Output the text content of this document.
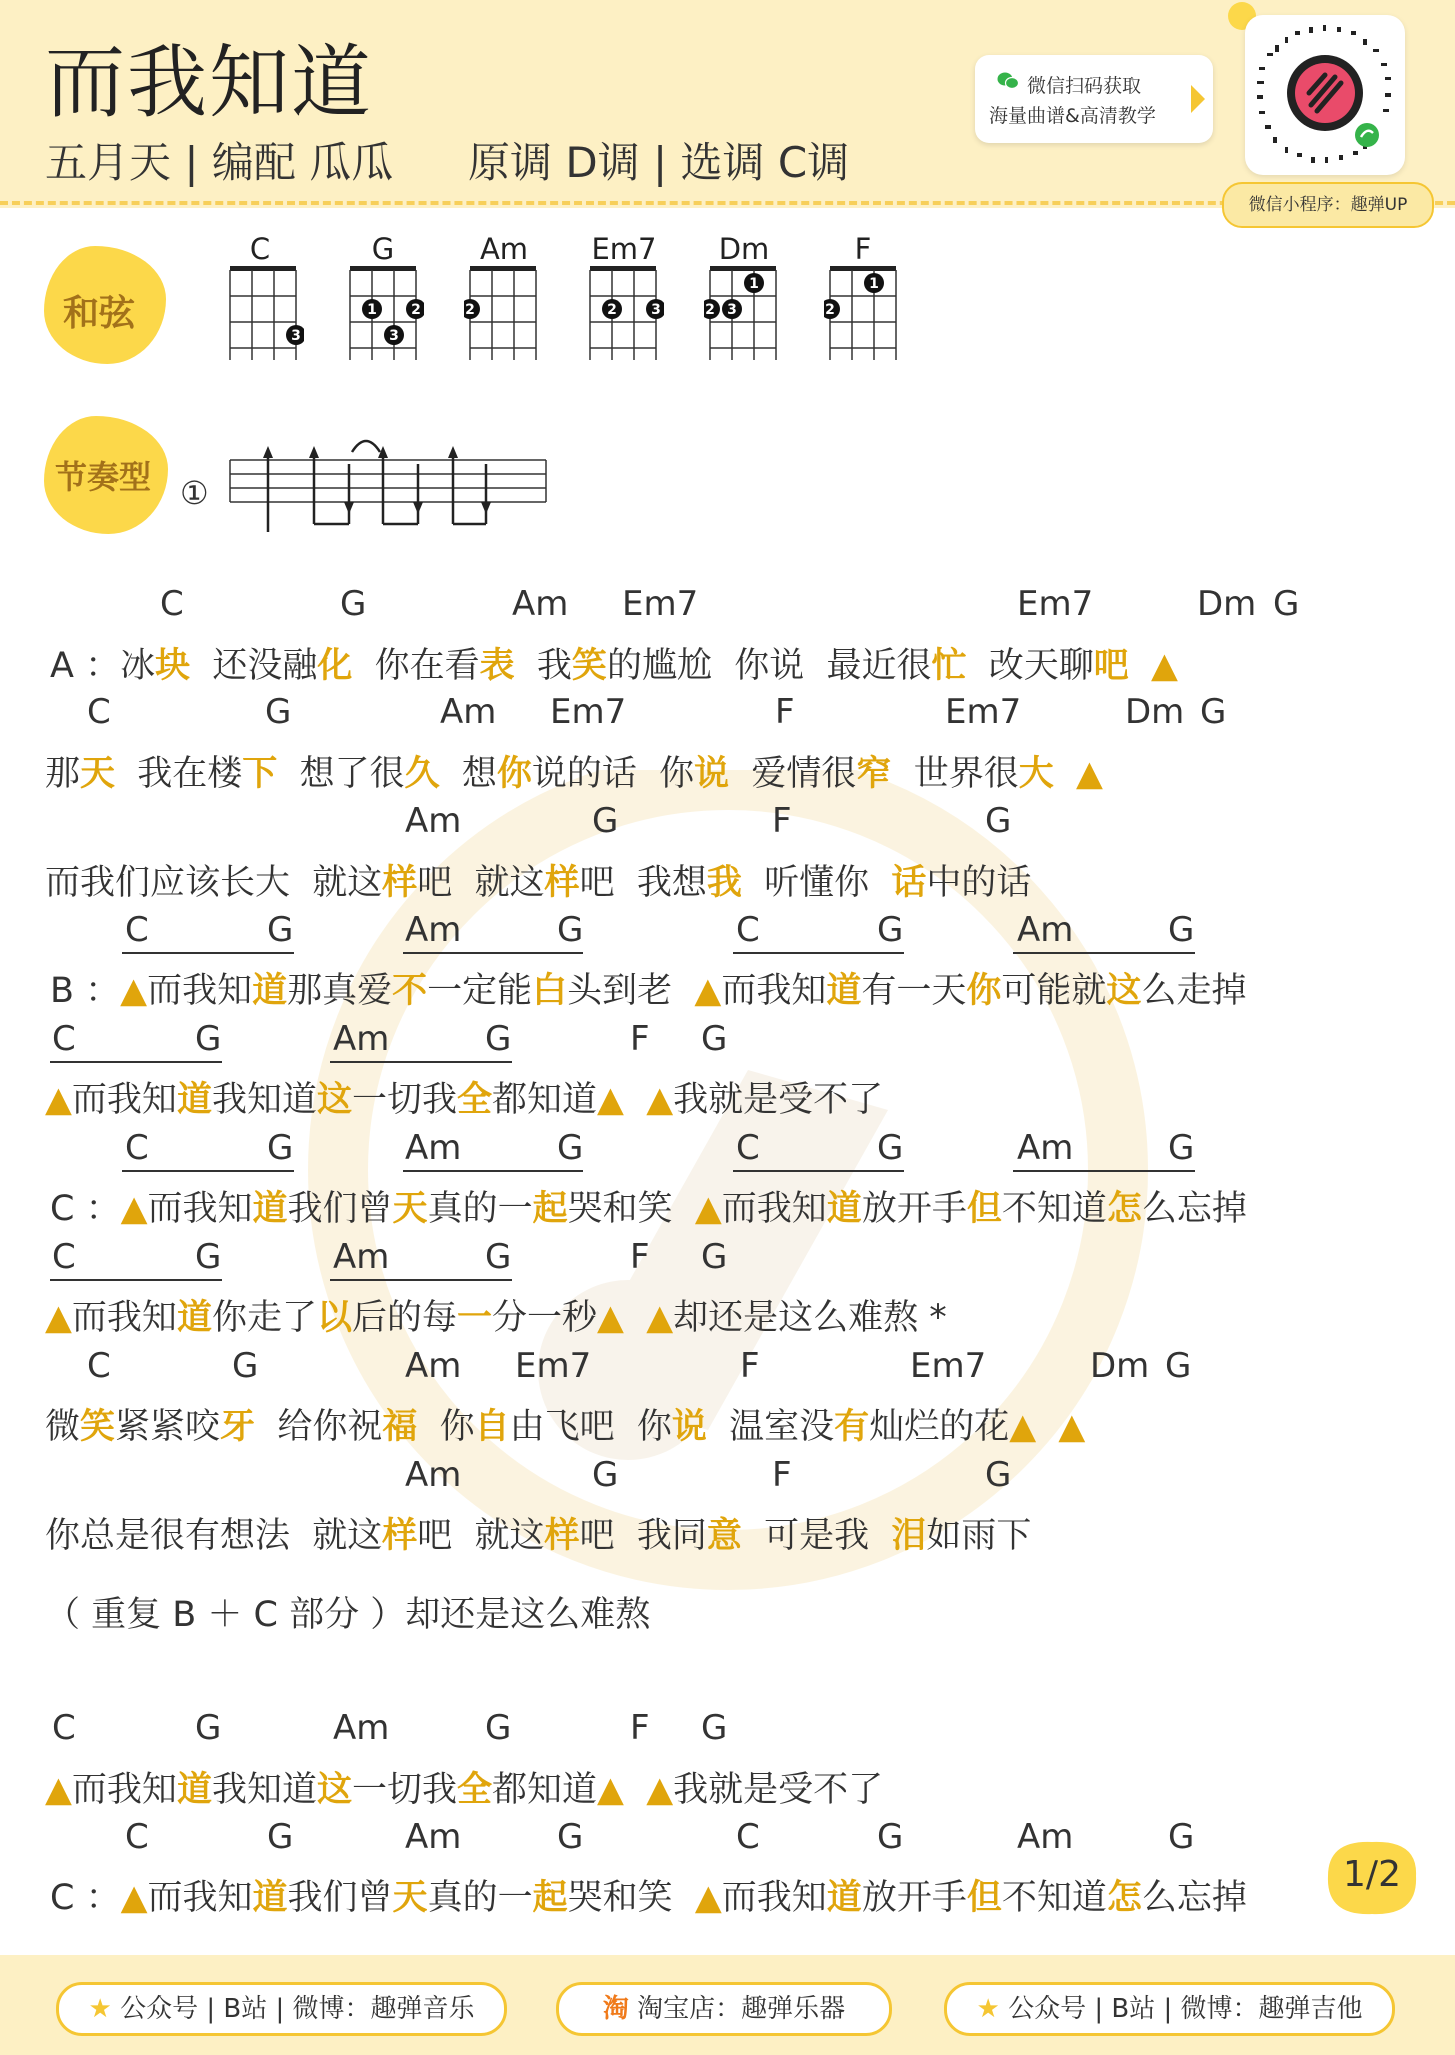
而我知道
五月天 | 编配 瓜瓜 原调 D调 | 选调 C调
微信扫码获取
海量曲谱&高清教学
微信小程序：趣弹UP
和弦
C	G	Am	Em7	Dm	F
3
1 2
3
2	2 3
1
2 3
1
2
节奏型 ①
C	G	Am Em7	Em7	Dm G
A ：冰块  还没融化  你在看表  我笑的尴尬  你说  最近很忙  改天聊吧  ▲
C	G	Am Em7	F	Em7	Dm G
那天  我在楼下  想了很久  想你说的话  你说  爱情很窄  世界很大  ▲
Am	G	F	G
而我们应该长大  就这样吧  就这样吧  我想我  听懂你  话中的话
C	G	Am	G	C	G	Am	G
B ：▲而我知道那真爱不一定能白头到老  ▲而我知道有一天你可能就这么走掉
C	G	Am	G	F G
▲而我知道我知道这一切我全都知道▲ ▲我就是受不了
C	G	Am	G	C	G	Am	G
C ：▲而我知道我们曾天真的一起哭和笑  ▲而我知道放开手但不知道怎么忘掉
C	G	Am	G	F G
▲而我知道你走了以后的每一分一秒▲ ▲却还是这么难熬 *
C	G	Am Em7	F	Em7	Dm G
微笑紧紧咬牙  给你祝福  你自由飞吧  你说  温室没有灿烂的花▲ ▲
Am	G	F	G
你总是很有想法  就这样吧  就这样吧  我同意  可是我  泪如雨下
C	G	Am	G	F G
▲而我知道我知道这一切我全都知道▲ ▲我就是受不了
C	G	Am	G	C	G	Am	G
C ：▲而我知道我们曾天真的一起哭和笑  ▲而我知道放开手但不知道怎么忘掉
（ 重复 B ＋ C 部分 ）却还是这么难熬
1/2
★ 公众号 | B站 | 微博：趣弹音乐	淘 淘宝店：趣弹乐器	★ 公众号 | B站 | 微博：趣弹吉他
